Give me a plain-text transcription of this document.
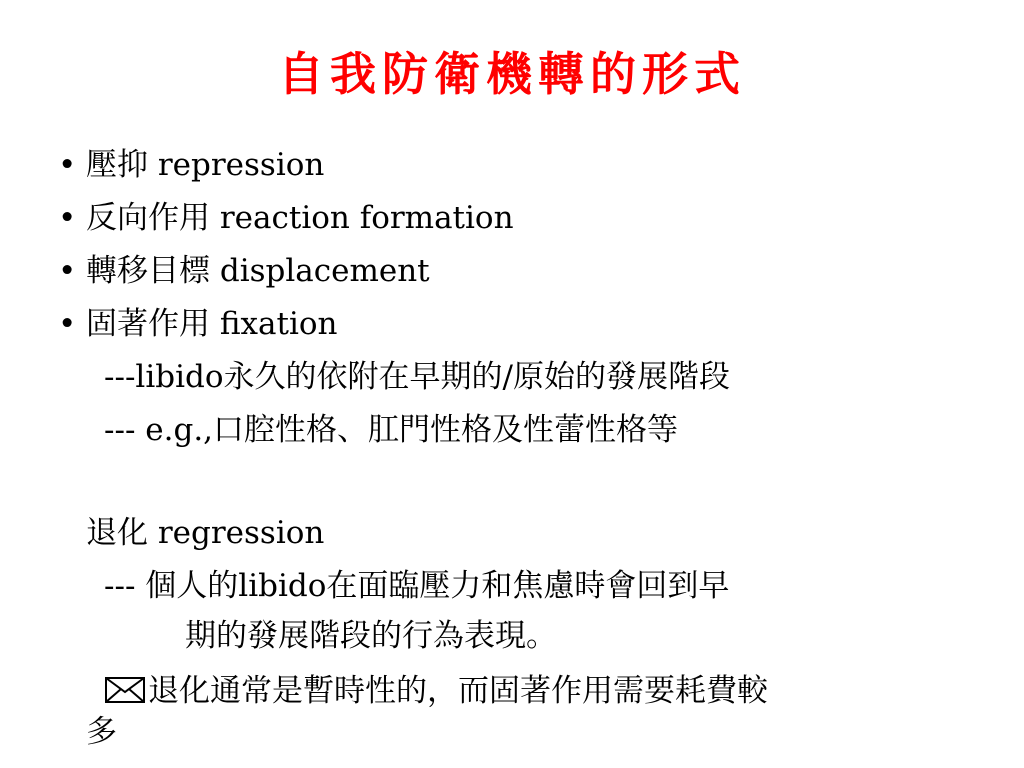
自我防衛機轉的形式
• 壓抑 repression
• 反向作用 reaction formation
• 轉移目標 displacement
• 固著作用 fixation
---libido永久的依附在早期的/原始的發展階段
--- e.g.,口腔性格、肛門性格及性蕾性格等
退化 regression
--- 個人的libido在面臨壓力和焦慮時會回到早
期的發展階段的行為表現。
退化通常是暫時性的，而固著作用需要耗費較
多
